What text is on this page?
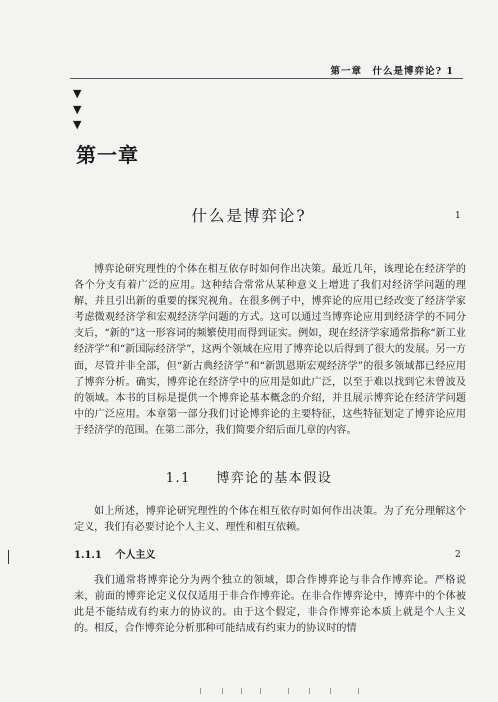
第一章　什么是博弈论? 1
▼
▼
▼
第一章
什么是博弈论?	1
2

博弈论研究理性的个体在相互依存时如何作出决策。最近几年，该理论在经济学的各个分支有着广泛的应用。这种结合常常从某种意义上增进了我们对经济学问题的理解，并且引出新的重要的探究视角。在很多例子中，博弈论的应用已经改变了经济学家考虑微观经济学和宏观经济学问题的方式。这可以通过当博弈论应用到经济学的不同分支后，“新的”这一形容词的频繁使用而得到证实。例如，现在经济学家通常指称“新工业经济学”和“新国际经济学”，这两个领域在应用了博弈论以后得到了很大的发展。另一方面，尽管并非全部，但“新古典经济学”和“新凯恩斯宏观经济学”的很多领域都已经应用了博弈分析。确实，博弈论在经济学中的应用是如此广泛，以至于难以找到它未曾波及的领域。本书的目标是提供一个博弈论基本概念的介绍，并且展示博弈论在经济学问题中的广泛应用。本章第一部分我们讨论博弈论的主要特征，这些特征划定了博弈论应用于经济学的范围。在第二部分，我们简要介绍后面几章的内容。

1.1 博弈论的基本假设

如上所述，博弈论研究理性的个体在相互依存时如何作出决策。为了充分理解这个定义，我们有必要讨论个人主义、理性和相互依赖。

1.1.1 个人主义

我们通常将博弈论分为两个独立的领域，即合作博弈论与非合作博弈论。严格说来，前面的博弈论定义仅仅适用于非合作博弈论。在非合作博弈论中，博弈中的个体被此是不能结成有约束力的协议的。由于这个假定，非合作博弈论本质上就是个人主义的。相反，合作博弈论分析那种可能结成有约束力的协议时的情
